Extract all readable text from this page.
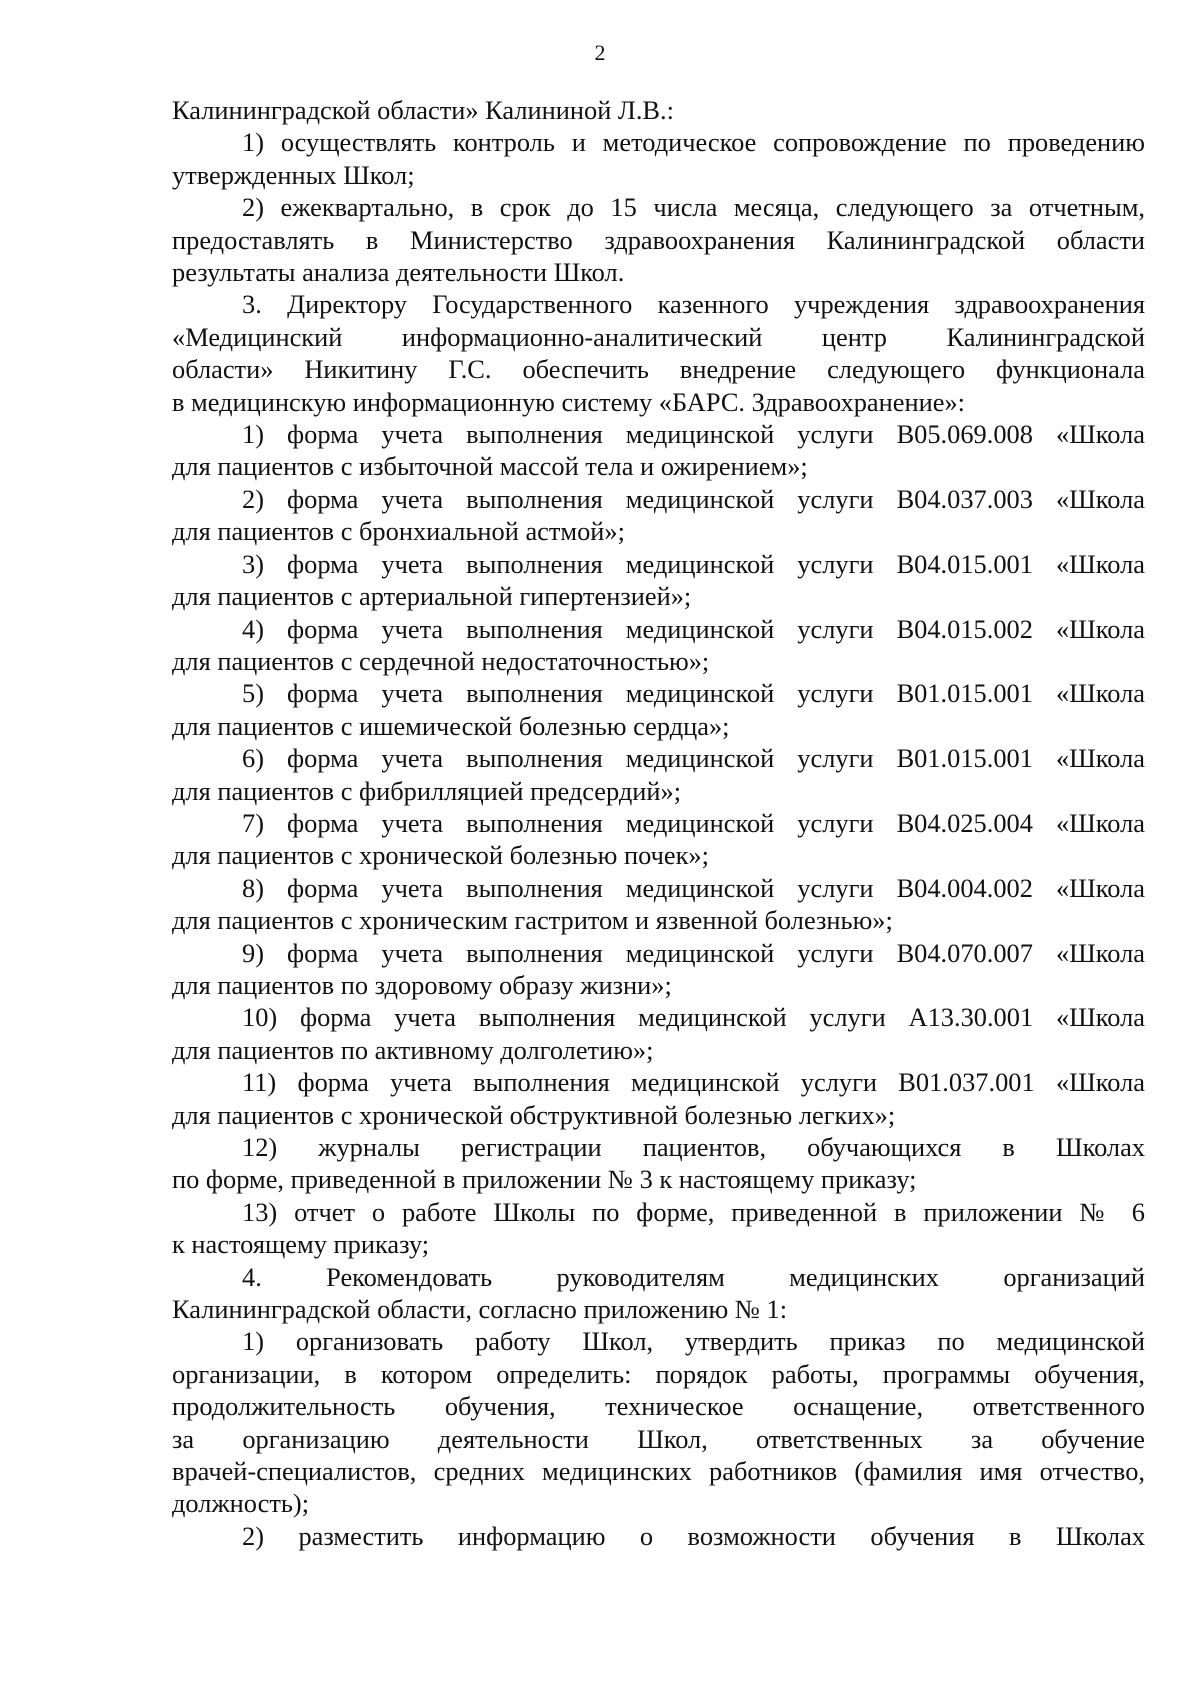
2
Калининградской области» Калининой Л.В.:
1) осуществлять контроль и методическое сопровождение по проведению
утвержденных Школ;
2) ежеквартально, в срок до 15 числа месяца, следующего за отчетным,
предоставлять в Министерство здравоохранения Калининградской области
результаты анализа деятельности Школ.
3. Директору Государственного казенного учреждения здравоохранения
«Медицинский информационно-аналитический центр Калининградской
области» Никитину Г.С. обеспечить внедрение следующего функционала
в медицинскую информационную систему «БАРС. Здравоохранение»:
1) форма учета выполнения медицинской услуги В05.069.008 «Школа
для пациентов с избыточной массой тела и ожирением»;
2) форма учета выполнения медицинской услуги В04.037.003 «Школа
для пациентов с бронхиальной астмой»;
3) форма учета выполнения медицинской услуги В04.015.001 «Школа
для пациентов с артериальной гипертензией»;
4) форма учета выполнения медицинской услуги В04.015.002 «Школа
для пациентов с сердечной недостаточностью»;
5) форма учета выполнения медицинской услуги В01.015.001 «Школа
для пациентов с ишемической болезнью сердца»;
6) форма учета выполнения медицинской услуги В01.015.001 «Школа
для пациентов с фибрилляцией предсердий»;
7) форма учета выполнения медицинской услуги В04.025.004 «Школа
для пациентов с хронической болезнью почек»;
8) форма учета выполнения медицинской услуги В04.004.002 «Школа
для пациентов с хроническим гастритом и язвенной болезнью»;
9) форма учета выполнения медицинской услуги В04.070.007 «Школа
для пациентов по здоровому образу жизни»;
10) форма учета выполнения медицинской услуги А13.30.001 «Школа
для пациентов по активному долголетию»;
11) форма учета выполнения медицинской услуги В01.037.001 «Школа
для пациентов с хронической обструктивной болезнью легких»;
12) журналы регистрации пациентов, обучающихся в Школах
по форме, приведенной в приложении № 3 к настоящему приказу;
13) отчет о работе Школы по форме, приведенной в приложении № 6
к настоящему приказу;
4. Рекомендовать руководителям медицинских организаций
Калининградской области, согласно приложению № 1:
1) организовать работу Школ, утвердить приказ по медицинской
организации, в котором определить: порядок работы, программы обучения,
продолжительность обучения, техническое оснащение, ответственного
за организацию деятельности Школ, ответственных за обучение
врачей-специалистов, средних медицинских работников (фамилия имя отчество,
должность);
2) разместить информацию о возможности обучения в Школах
